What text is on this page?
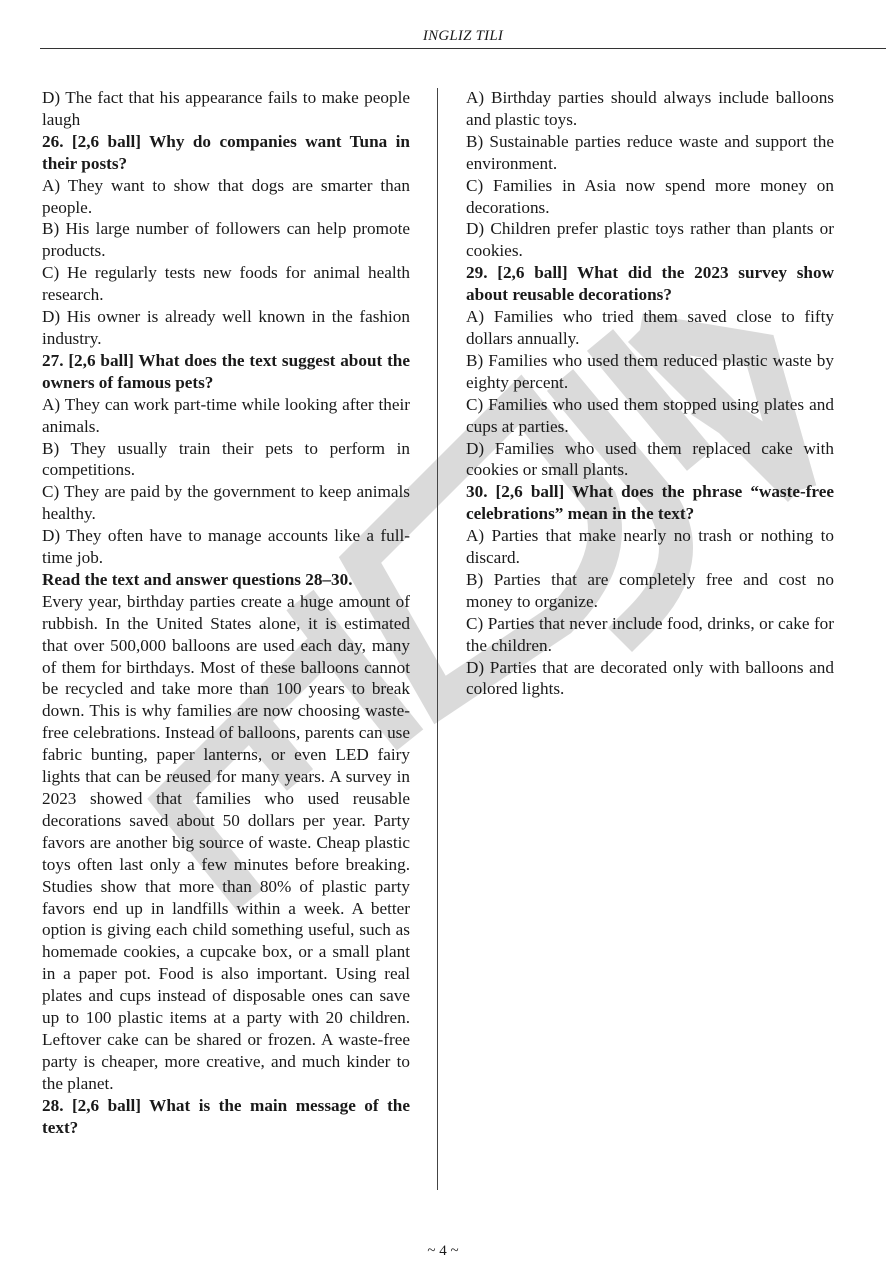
INGLIZ TILI

D) The fact that his appearance fails to make people laugh

26. [2,6 ball] Why do companies want Tuna in their posts?

A) They want to show that dogs are smarter than people.

B) His large number of followers can help promote products.

C) He regularly tests new foods for animal health research.

D) His owner is already well known in the fashion industry.

27. [2,6 ball] What does the text suggest about the owners of famous pets?

A) They can work part-time while looking after their animals.

B) They usually train their pets to perform in competitions.

C) They are paid by the government to keep animals healthy.

D) They often have to manage accounts like a full-time job.

Read the text and answer questions 28–30.

Every year, birthday parties create a huge amount of rubbish. In the United States alone, it is estimated that over 500,000 balloons are used each day, many of them for birthdays. Most of these balloons cannot be recycled and take more than 100 years to break down. This is why families are now choosing waste-free celebrations. Instead of balloons, parents can use fabric bunting, paper lanterns, or even LED fairy lights that can be reused for many years. A survey in 2023 showed that families who used reusable decorations saved about 50 dollars per year. Party favors are another big source of waste. Cheap plastic toys often last only a few minutes before breaking. Studies show that more than 80% of plastic party favors end up in landfills within a week. A better option is giving each child something useful, such as homemade cookies, a cupcake box, or a small plant in a paper pot. Food is also important. Using real plates and cups instead of disposable ones can save up to 100 plastic items at a party with 20 children. Leftover cake can be shared or frozen. A waste-free party is cheaper, more creative, and much kinder to the planet.

28. [2,6 ball] What is the main message of the text?

A) Birthday parties should always include balloons and plastic toys.

B) Sustainable parties reduce waste and support the environment.

C) Families in Asia now spend more money on decorations.

D) Children prefer plastic toys rather than plants or cookies.

29. [2,6 ball] What did the 2023 survey show about reusable decorations?

A) Families who tried them saved close to fifty dollars annually.

B) Families who used them reduced plastic waste by eighty percent.

C) Families who used them stopped using plates and cups at parties.

D) Families who used them replaced cake with cookies or small plants.

30. [2,6 ball] What does the phrase “waste-free celebrations” mean in the text?

A) Parties that make nearly no trash or nothing to discard.

B) Parties that are completely free and cost no money to organize.

C) Parties that never include food, drinks, or cake for the children.

D) Parties that are decorated only with balloons and colored lights.

~ 4 ~
